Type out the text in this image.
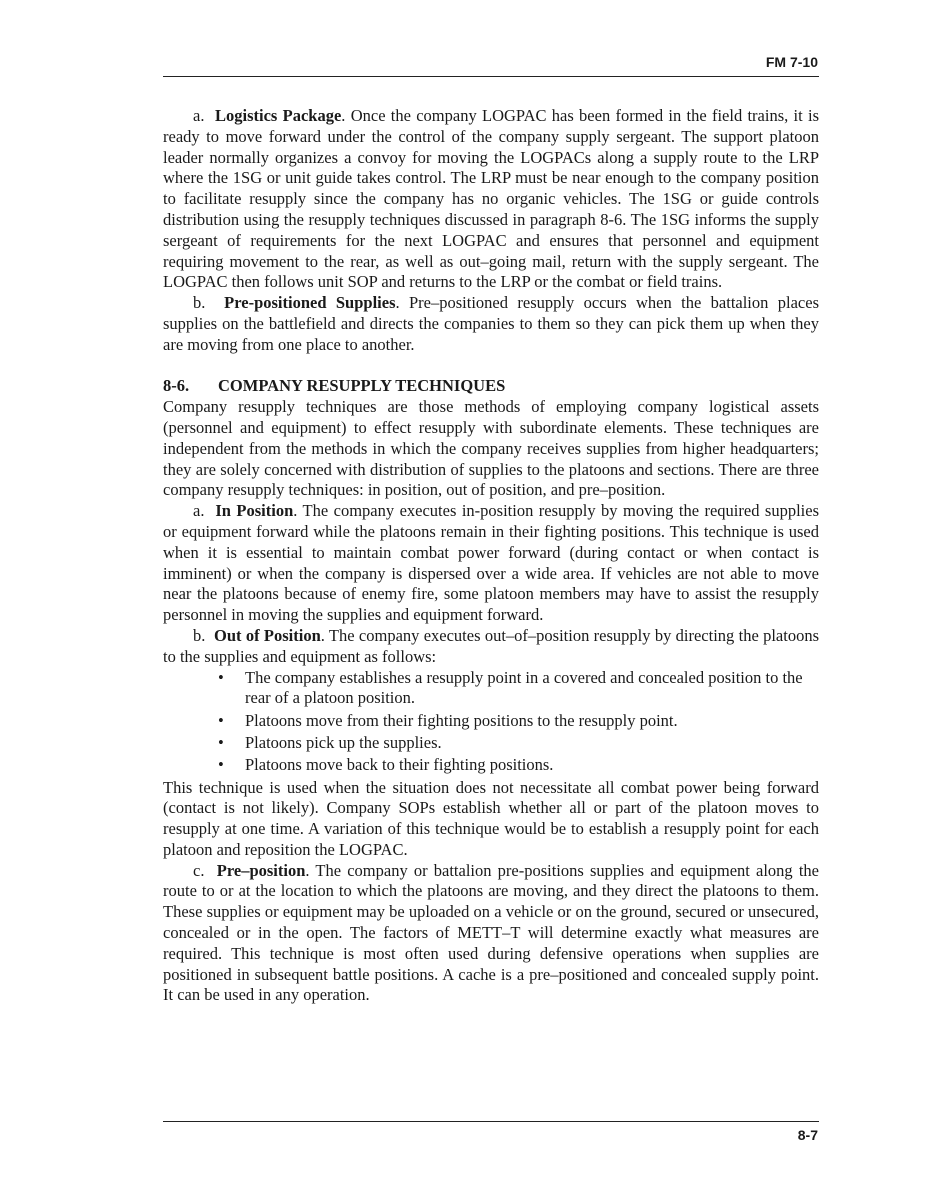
FM 7-10

a. Logistics Package. Once the company LOGPAC has been formed in the field trains, it is ready to move forward under the control of the company supply sergeant. The support platoon leader normally organizes a convoy for moving the LOGPACs along a supply route to the LRP where the 1SG or unit guide takes control. The LRP must be near enough to the company position to facilitate resupply since the company has no organic vehicles. The 1SG or guide controls distribution using the resupply techniques discussed in paragraph 8-6. The 1SG informs the supply sergeant of requirements for the next LOGPAC and ensures that personnel and equipment requiring movement to the rear, as well as out–going mail, return with the supply sergeant. The LOGPAC then follows unit SOP and returns to the LRP or the combat or field trains.

b. Pre-positioned Supplies. Pre–positioned resupply occurs when the battalion places supplies on the battlefield and directs the companies to them so they can pick them up when they are moving from one place to another.

8-6. COMPANY RESUPPLY TECHNIQUES

Company resupply techniques are those methods of employing company logistical assets (personnel and equipment) to effect resupply with subordinate elements. These techniques are independent from the methods in which the company receives supplies from higher headquarters; they are solely concerned with distribution of supplies to the platoons and sections. There are three company resupply techniques: in position, out of position, and pre–position.

a. In Position. The company executes in-position resupply by moving the required supplies or equipment forward while the platoons remain in their fighting positions. This technique is used when it is essential to maintain combat power forward (during contact or when contact is imminent) or when the company is dispersed over a wide area. If vehicles are not able to move near the platoons because of enemy fire, some platoon members may have to assist the resupply personnel in moving the supplies and equipment forward.

b. Out of Position. The company executes out–of–position resupply by directing the platoons to the supplies and equipment as follows:

• The company establishes a resupply point in a covered and concealed position to the rear of a platoon position.
• Platoons move from their fighting positions to the resupply point.
• Platoons pick up the supplies.
• Platoons move back to their fighting positions.

This technique is used when the situation does not necessitate all combat power being forward (contact is not likely). Company SOPs establish whether all or part of the platoon moves to resupply at one time. A variation of this technique would be to establish a resupply point for each platoon and reposition the LOGPAC.

c. Pre–position. The company or battalion pre-positions supplies and equipment along the route to or at the location to which the platoons are moving, and they direct the platoons to them. These supplies or equipment may be uploaded on a vehicle or on the ground, secured or unsecured, concealed or in the open. The factors of METT–T will determine exactly what measures are required. This technique is most often used during defensive operations when supplies are positioned in subsequent battle positions. A cache is a pre–positioned and concealed supply point. It can be used in any operation.

8-7
